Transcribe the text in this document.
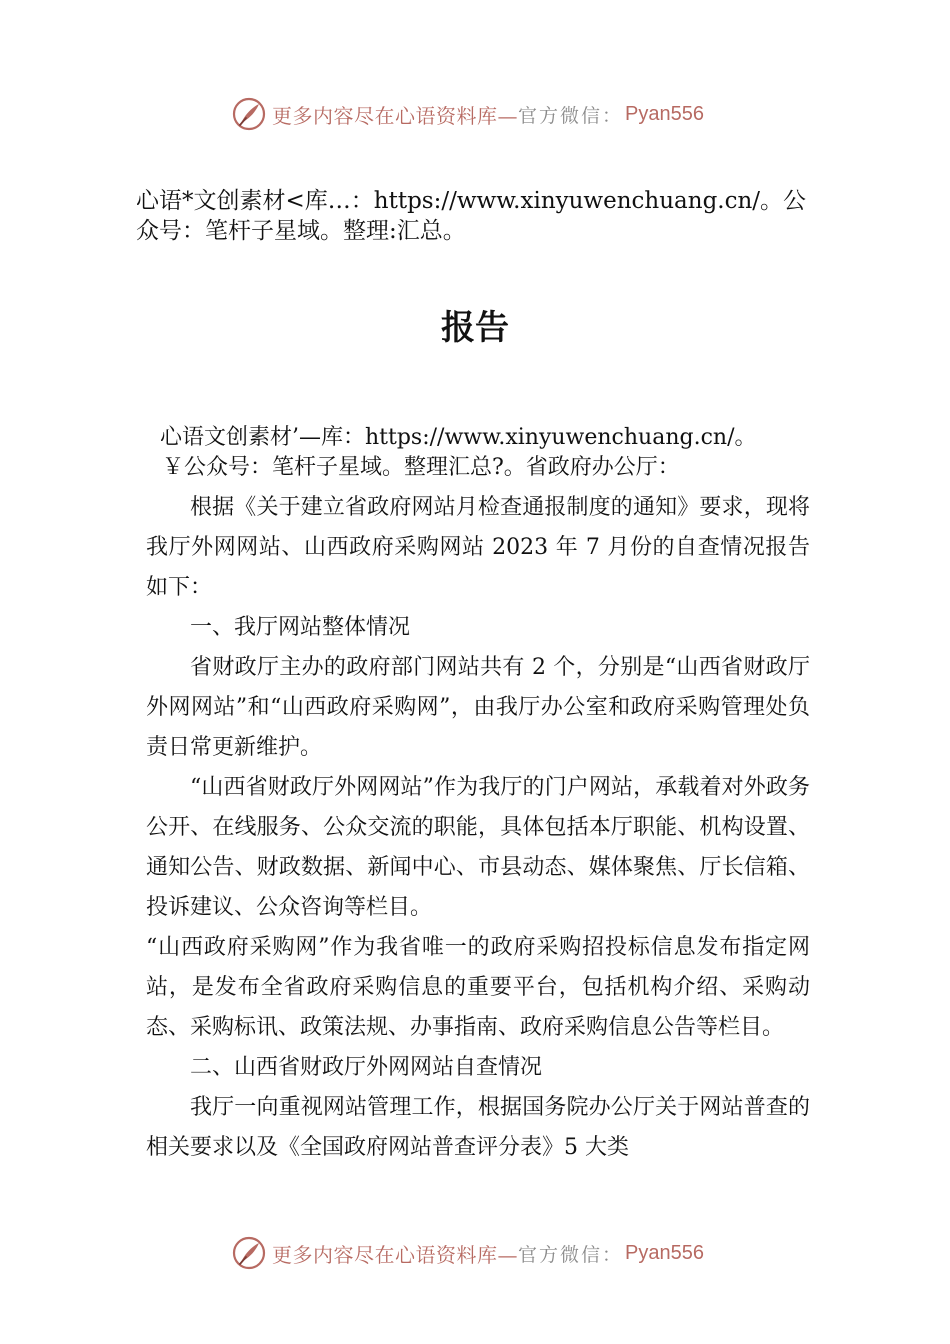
更多内容尽在心语资料库— 官方微信： Pyan556
心语*文创素材<库…：https://www.xinyuwenchuang.cn/。公众号：笔杆子星域。整理:汇总。
报告
心语文创素材’—库：https://www.xinyuwenchuang.cn/。
￥公众号：笔杆子星域。整理汇总?。省政府办公厅：

根据《关于建立省政府网站月检查通报制度的通知》要求，现将我厅外网网站、山西政府采购网站 2023 年 7 月份的自查情况报告如下：

一、我厅网站整体情况

省财政厅主办的政府部门网站共有 2 个，分别是“山西省财政厅外网网站”和“山西政府采购网”，由我厅办公室和政府采购管理处负责日常更新维护。

“山西省财政厅外网网站”作为我厅的门户网站，承载着对外政务公开、在线服务、公众交流的职能，具体包括本厅职能、机构设置、通知公告、财政数据、新闻中心、市县动态、媒体聚焦、厅长信箱、投诉建议、公众咨询等栏目。

“山西政府采购网”作为我省唯一的政府采购招投标信息发布指定网站，是发布全省政府采购信息的重要平台，包括机构介绍、采购动态、采购标讯、政策法规、办事指南、政府采购信息公告等栏目。

二、山西省财政厅外网网站自查情况

我厅一向重视网站管理工作，根据国务院办公厅关于网站普查的相关要求以及《全国政府网站普查评分表》5 大类

更多内容尽在心语资料库— 官方微信： Pyan556
